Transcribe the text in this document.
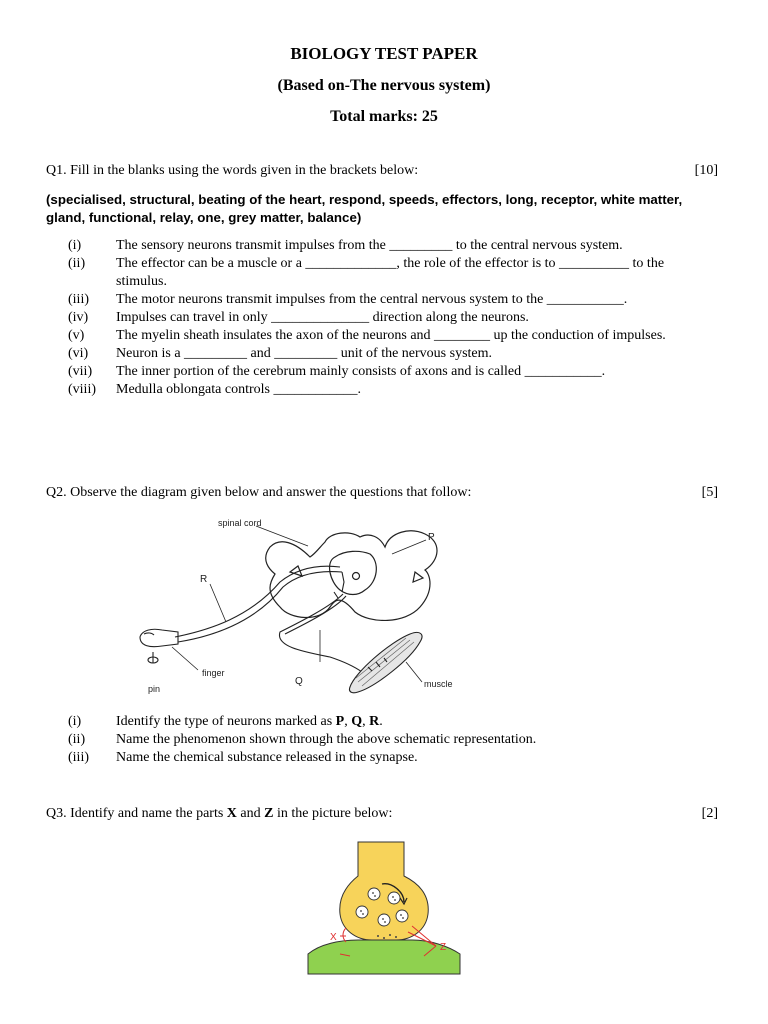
BIOLOGY TEST PAPER
(Based on-The nervous system)
Total marks: 25
Q1. Fill in the blanks using the words given in the brackets below:	[10]
(specialised, structural, beating of the heart, respond, speeds, effectors, long, receptor, white matter, gland, functional, relay, one, grey matter, balance)
(i)	The sensory neurons transmit impulses from the _________ to the central nervous system.
(ii)	The effector can be a muscle or a _____________, the role of the effector is to __________ to the stimulus.
(iii)	The motor neurons transmit impulses from the central nervous system to the ___________.
(iv)	Impulses can travel in only ______________ direction along the neurons.
(v)	The myelin sheath insulates the axon of the neurons and ________ up the conduction of impulses.
(vi)	Neuron is a _________ and _________ unit of the nervous system.
(vii)	The inner portion of the cerebrum mainly consists of axons and is called ___________.
(viii)	Medulla oblongata controls ____________.
Q2. Observe the diagram given below and answer the questions that follow:	[5]
spinal cord
P
R
finger
pin
Q	muscle
(i)	Identify the type of neurons marked as P, Q, R.
(ii)	Name the phenomenon shown through the above schematic representation.
(iii)	Name the chemical substance released in the synapse.
Q3. Identify and name the parts X and Z in the picture below:	[2]
X
Z
